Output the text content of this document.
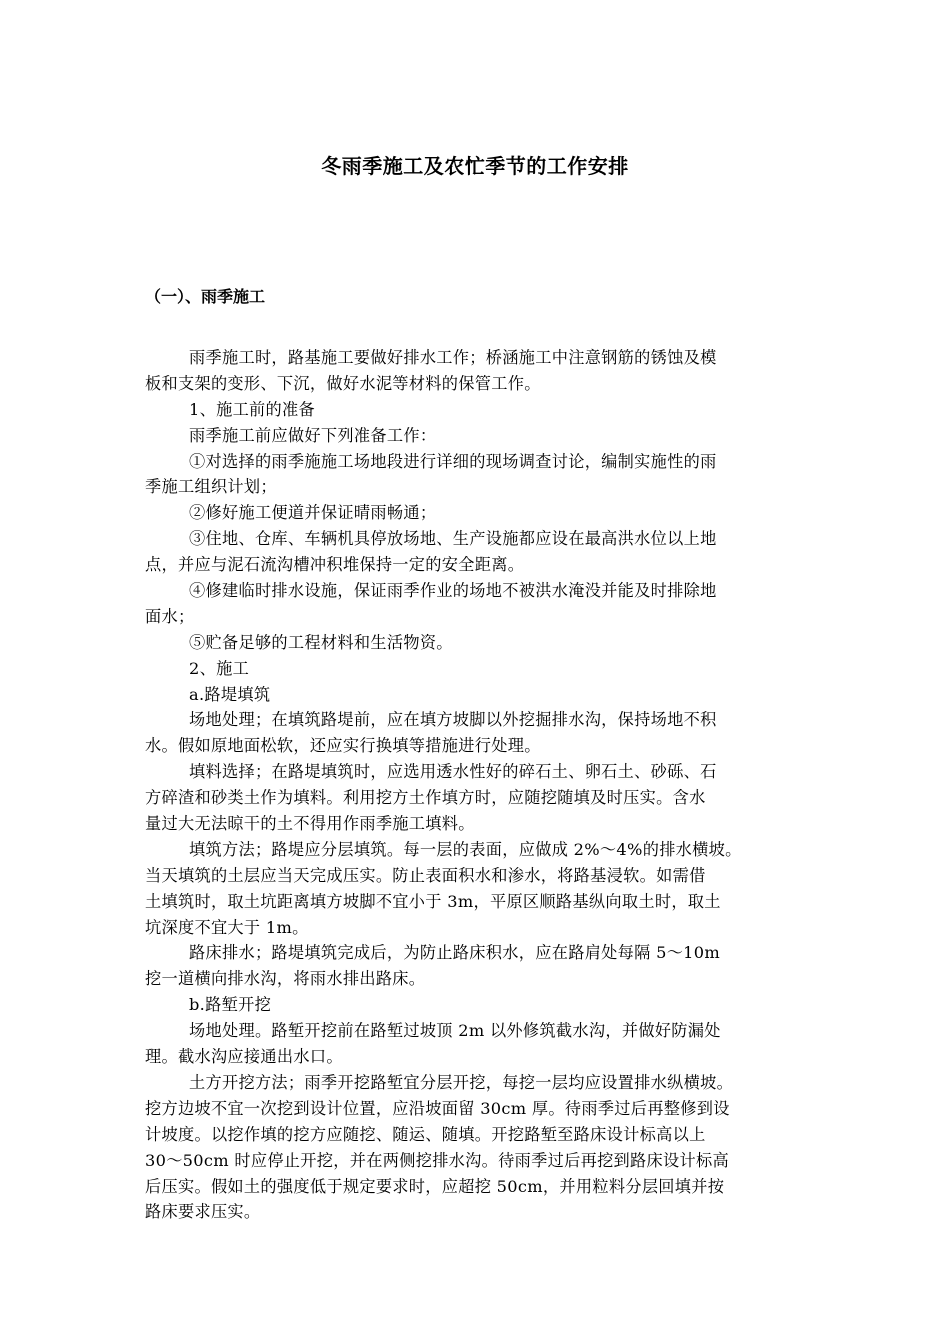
冬雨季施工及农忙季节的工作安排
（一）、雨季施工
雨季施工时，路基施工要做好排水工作；桥涵施工中注意钢筋的锈蚀及模
板和支架的变形、下沉，做好水泥等材料的保管工作。
1、施工前的准备
雨季施工前应做好下列准备工作：
①对选择的雨季施施工场地段进行详细的现场调查讨论，编制实施性的雨
季施工组织计划；
②修好施工便道并保证晴雨畅通；
③住地、仓库、车辆机具停放场地、生产设施都应设在最高洪水位以上地
点，并应与泥石流沟槽冲积堆保持一定的安全距离。
④修建临时排水设施，保证雨季作业的场地不被洪水淹没并能及时排除地
面水；
⑤贮备足够的工程材料和生活物资。
2、施工
a.路堤填筑
场地处理；在填筑路堤前，应在填方坡脚以外挖掘排水沟，保持场地不积
水。假如原地面松软，还应实行换填等措施进行处理。
填料选择；在路堤填筑时，应选用透水性好的碎石土、卵石土、砂砾、石
方碎渣和砂类土作为填料。利用挖方土作填方时，应随挖随填及时压实。含水
量过大无法晾干的土不得用作雨季施工填料。
填筑方法；路堤应分层填筑。每一层的表面，应做成 2%～4%的排水横坡。
当天填筑的土层应当天完成压实。防止表面积水和渗水，将路基浸软。如需借
土填筑时，取土坑距离填方坡脚不宜小于 3m，平原区顺路基纵向取土时，取土
坑深度不宜大于 1m。
路床排水；路堤填筑完成后，为防止路床积水，应在路肩处每隔 5～10m
挖一道横向排水沟，将雨水排出路床。
b.路堑开挖
场地处理。路堑开挖前在路堑过坡顶 2m 以外修筑截水沟，并做好防漏处
理。截水沟应接通出水口。
土方开挖方法；雨季开挖路堑宜分层开挖，每挖一层均应设置排水纵横坡。
挖方边坡不宜一次挖到设计位置，应沿坡面留 30cm 厚。待雨季过后再整修到设
计坡度。以挖作填的挖方应随挖、随运、随填。开挖路堑至路床设计标高以上
30～50cm 时应停止开挖，并在两侧挖排水沟。待雨季过后再挖到路床设计标高
后压实。假如土的强度低于规定要求时，应超挖 50cm，并用粒料分层回填并按
路床要求压实。
